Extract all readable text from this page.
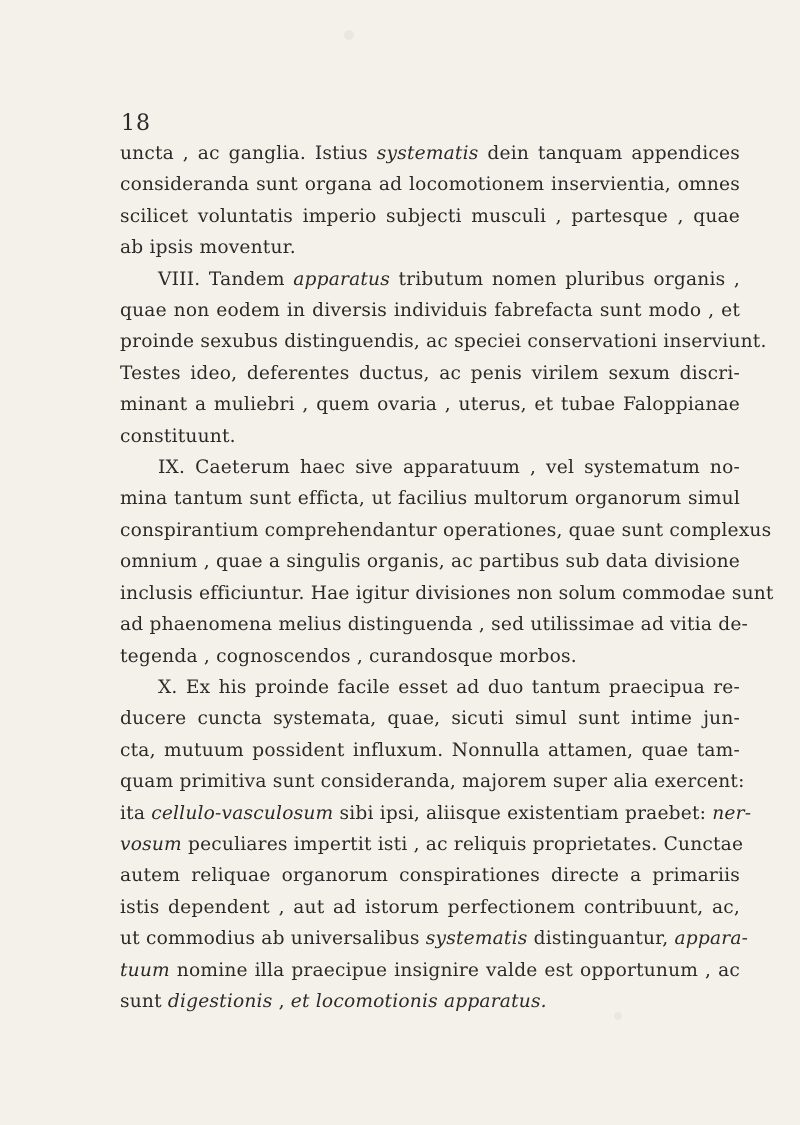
18
uncta , ac ganglia. Istius systematis dein tanquam appendices
consideranda sunt organa ad locomotionem inservientia, omnes
scilicet voluntatis imperio subjecti musculi , partesque , quae
ab ipsis moventur.
VIII. Tandem apparatus tributum nomen pluribus organis ,
quae non eodem in diversis individuis fabrefacta sunt modo , et
proinde sexubus distinguendis, ac speciei conservationi inserviunt.
Testes ideo, deferentes ductus, ac penis virilem sexum discri-
minant a muliebri , quem ovaria , uterus, et tubae Faloppianae
constituunt.
IX. Caeterum haec sive apparatuum , vel systematum no-
mina tantum sunt efficta, ut facilius multorum organorum simul
conspirantium comprehendantur operationes, quae sunt complexus
omnium , quae a singulis organis, ac partibus sub data divisione
inclusis efficiuntur. Hae igitur divisiones non solum commodae sunt
ad phaenomena melius distinguenda , sed utilissimae ad vitia de-
tegenda , cognoscendos , curandosque morbos.
X. Ex his proinde facile esset ad duo tantum praecipua re-
ducere cuncta systemata, quae, sicuti simul sunt intime jun-
cta, mutuum possident influxum. Nonnulla attamen, quae tam-
quam primitiva sunt consideranda, majorem super alia exercent:
ita cellulo-vasculosum sibi ipsi, aliisque existentiam praebet: ner-
vosum peculiares impertit isti , ac reliquis proprietates. Cunctae
autem reliquae organorum conspirationes directe a primariis
istis dependent , aut ad istorum perfectionem contribuunt, ac,
ut commodius ab universalibus systematis distinguantur, appara-
tuum nomine illa praecipue insignire valde est opportunum , ac
sunt digestionis , et locomotionis apparatus.
